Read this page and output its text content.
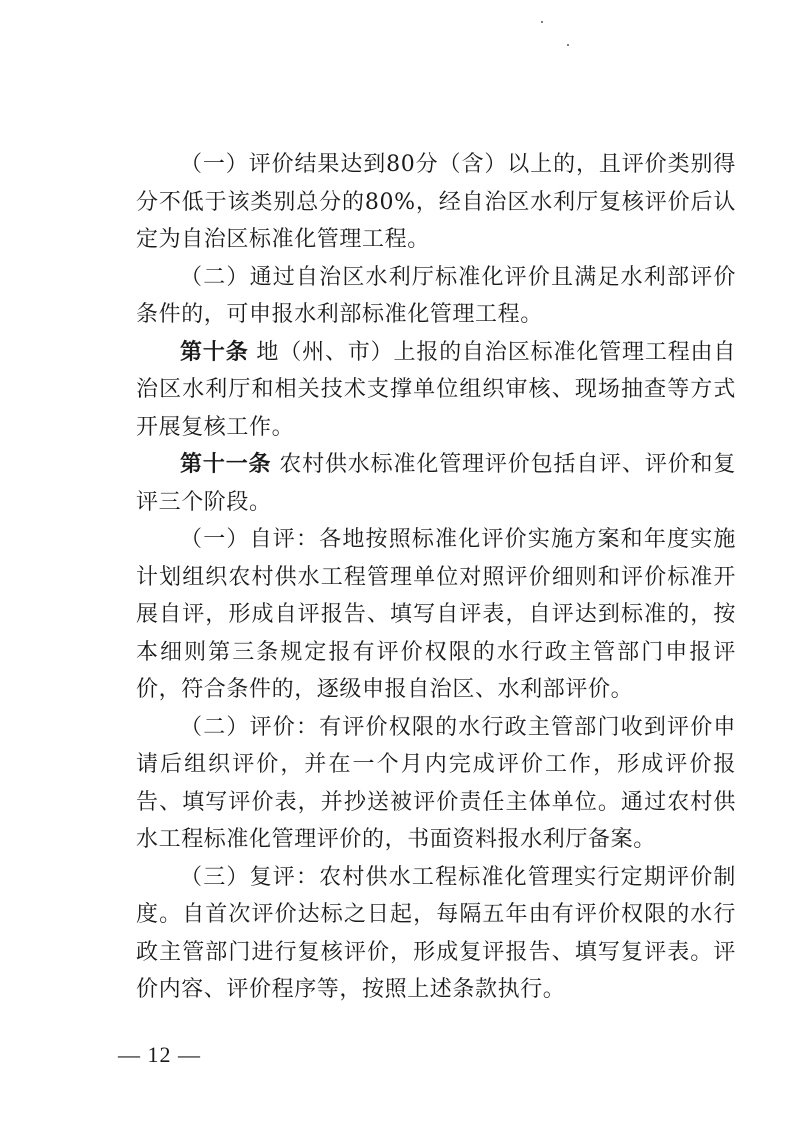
（一）评价结果达到80分（含）以上的，且评价类别得分不低于该类别总分的80%，经自治区水利厅复核评价后认定为自治区标准化管理工程。

（二）通过自治区水利厅标准化评价且满足水利部评价条件的，可申报水利部标准化管理工程。

第十条 地（州、市）上报的自治区标准化管理工程由自治区水利厅和相关技术支撑单位组织审核、现场抽查等方式开展复核工作。

第十一条 农村供水标准化管理评价包括自评、评价和复评三个阶段。

（一）自评：各地按照标准化评价实施方案和年度实施计划组织农村供水工程管理单位对照评价细则和评价标准开展自评，形成自评报告、填写自评表，自评达到标准的，按本细则第三条规定报有评价权限的水行政主管部门申报评价，符合条件的，逐级申报自治区、水利部评价。

（二）评价：有评价权限的水行政主管部门收到评价申请后组织评价，并在一个月内完成评价工作，形成评价报告、填写评价表，并抄送被评价责任主体单位。通过农村供水工程标准化管理评价的，书面资料报水利厅备案。

（三）复评：农村供水工程标准化管理实行定期评价制度。自首次评价达标之日起，每隔五年由有评价权限的水行政主管部门进行复核评价，形成复评报告、填写复评表。评价内容、评价程序等，按照上述条款执行。

— 12 —
